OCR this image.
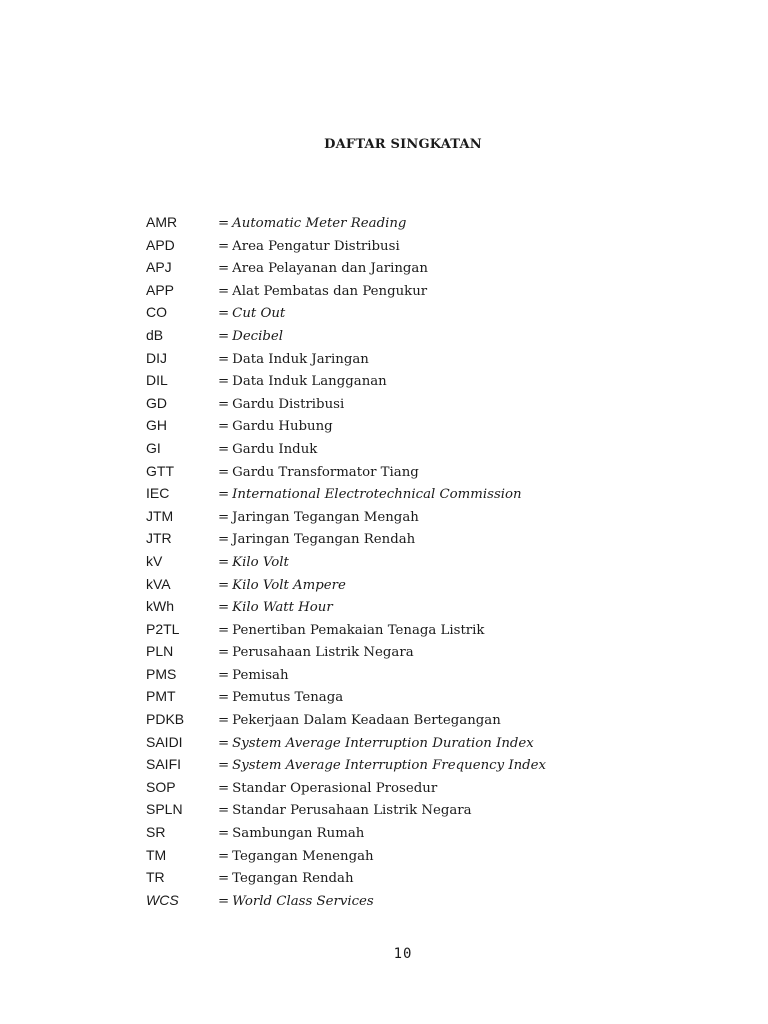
DAFTAR SINGKATAN
AMR	= Automatic Meter Reading
APD	= Area Pengatur Distribusi
APJ	= Area Pelayanan dan Jaringan
APP	= Alat Pembatas dan Pengukur
CO	= Cut Out
dB	= Decibel
DIJ	= Data Induk Jaringan
DIL	= Data Induk Langganan
GD	= Gardu Distribusi
GH	= Gardu Hubung
GI	= Gardu Induk
GTT	= Gardu Transformator Tiang
IEC	= International Electrotechnical Commission
JTM	= Jaringan Tegangan Mengah
JTR	= Jaringan Tegangan Rendah
kV	= Kilo Volt
kVA	= Kilo Volt Ampere
kWh	= Kilo Watt Hour
P2TL	= Penertiban Pemakaian Tenaga Listrik
PLN	= Perusahaan Listrik Negara
PMS	= Pemisah
PMT	= Pemutus Tenaga
PDKB	= Pekerjaan Dalam Keadaan Bertegangan
SAIDI	= System Average Interruption Duration Index
SAIFI	= System Average Interruption Frequency Index
SOP	= Standar Operasional Prosedur
SPLN	= Standar Perusahaan Listrik Negara
SR	= Sambungan Rumah
TM	= Tegangan Menengah
TR	= Tegangan Rendah
WCS	= World Class Services
10
